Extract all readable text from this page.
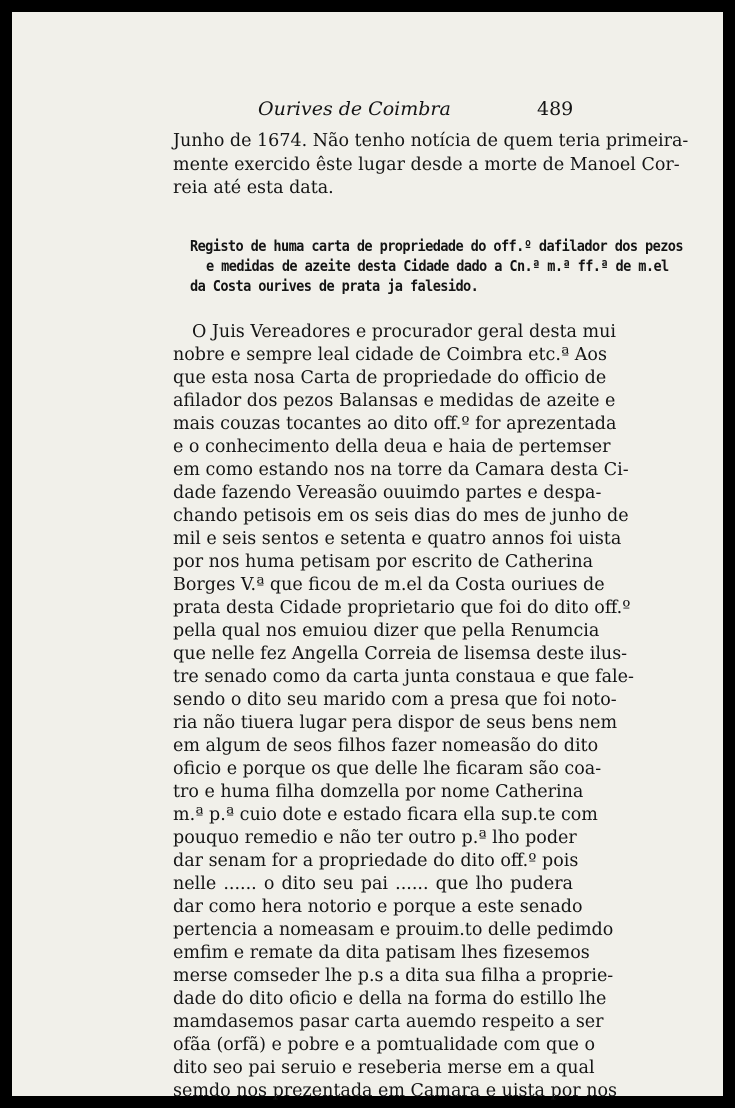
Ourives de Coimbra	489
Junho de 1674. Não tenho notícia de quem teria primeira-
mente exercido êste lugar desde a morte de Manoel Cor-
reia até esta data.
Registo de huma carta de propriedade do off.º dafilador dos pezos
e medidas de azeite desta Cidade dado a Cn.ª m.ª ff.ª de m.el
da Costa ourives de prata ja falesido.
O Juis Vereadores e procurador geral desta mui
nobre e sempre leal cidade de Coimbra etc.ª Aos
que esta nosa Carta de propriedade do officio de
afilador dos pezos Balansas e medidas de azeite e
mais couzas tocantes ao dito off.º for aprezentada
e o conhecimento della deua e haia de pertemser
em como estando nos na torre da Camara desta Ci-
dade fazendo Vereasão ouuimdo partes e despa-
chando petisois em os seis dias do mes de junho de
mil e seis sentos e setenta e quatro annos foi uista
por nos huma petisam por escrito de Catherina
Borges V.ª que ficou de m.el da Costa ouriues de
prata desta Cidade proprietario que foi do dito off.º
pella qual nos emuiou dizer que pella Renumcia
que nelle fez Angella Correia de lisemsa deste ilus-
tre senado como da carta junta constaua e que fale-
sendo o dito seu marido com a presa que foi noto-
ria não tiuera lugar pera dispor de seus bens nem
em algum de seos filhos fazer nomeasão do dito
oficio e porque os que delle lhe ficaram são coa-
tro e huma filha domzella por nome Catherina
m.ª p.ª cuio dote e estado ficara ella sup.te com
pouquo remedio e não ter outro p.ª lho poder
dar senam for a propriedade do dito off.º pois
nelle ...... o dito seu pai ...... que lho pudera
dar como hera notorio e porque a este senado
pertencia a nomeasam e prouim.to delle pedimdo
emfim e remate da dita patisam lhes fizesemos
merse comseder lhe p.s a dita sua filha a proprie-
dade do dito oficio e della na forma do estillo lhe
mamdasemos pasar carta auemdo respeito a ser
ofãa (orfã) e pobre e a pomtualidade com que o
dito seo pai seruio e reseberia merse em a qual
semdo nos prezentada em Camara e uista por nos
